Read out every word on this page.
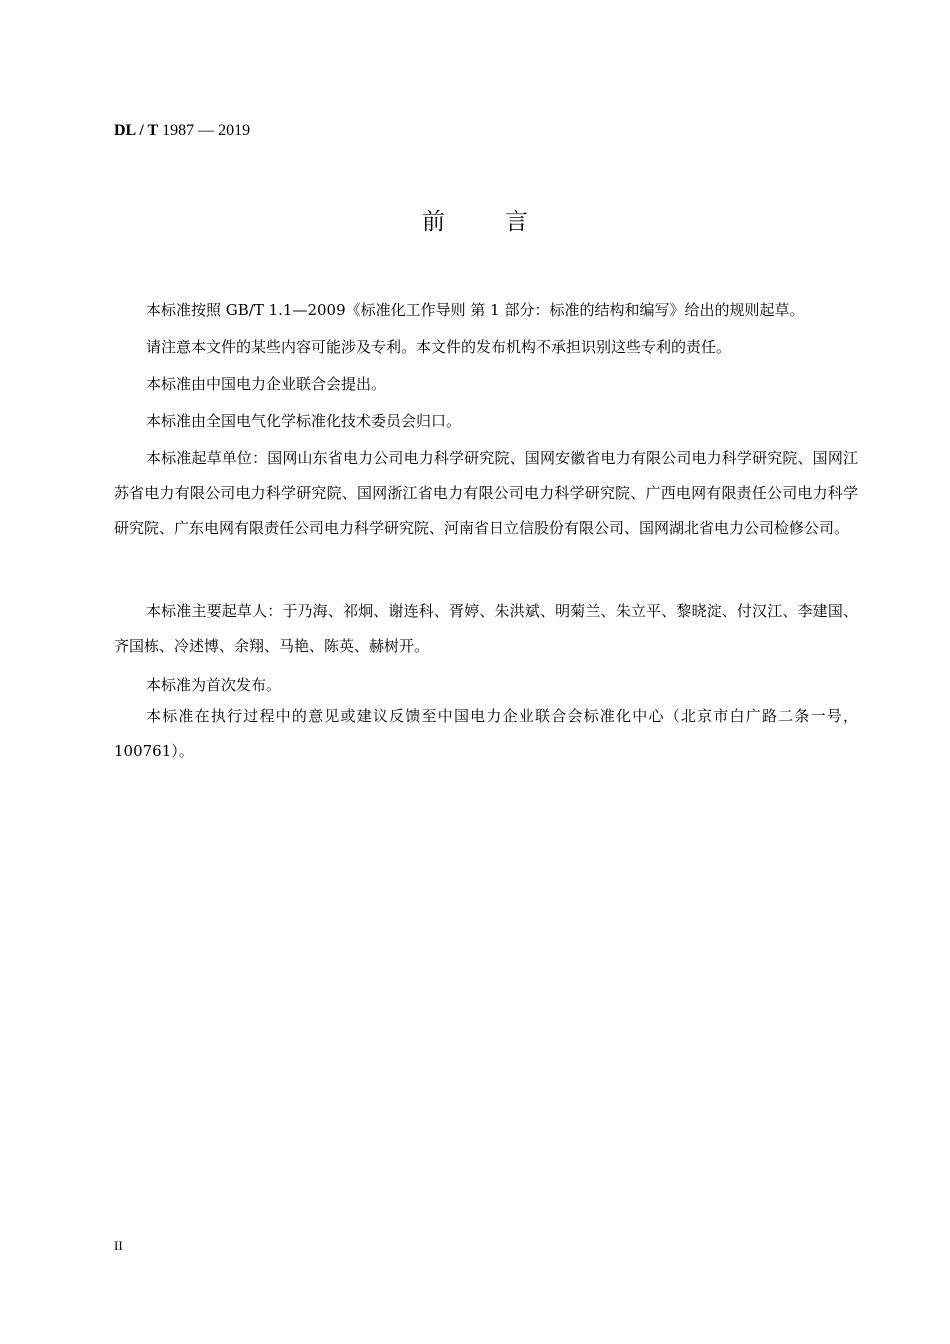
DL / T 1987 — 2019
前	言

本标准按照 GB/T 1.1—2009《标准化工作导则 第 1 部分：标准的结构和编写》给出的规则起草。

请注意本文件的某些内容可能涉及专利。本文件的发布机构不承担识别这些专利的责任。

本标准由中国电力企业联合会提出。

本标准由全国电气化学标准化技术委员会归口。

本标准起草单位：国网山东省电力公司电力科学研究院、国网安徽省电力有限公司电力科学研究院、国网江苏省电力有限公司电力科学研究院、国网浙江省电力有限公司电力科学研究院、广西电网有限责任公司电力科学研究院、广东电网有限责任公司电力科学研究院、河南省日立信股份有限公司、国网湖北省电力公司检修公司。

本标准主要起草人：于乃海、祁炯、谢连科、胥婷、朱洪斌、明菊兰、朱立平、黎晓淀、付汉江、李建国、齐国栋、冷述博、余翔、马艳、陈英、赫树开。

本标准为首次发布。

本标准在执行过程中的意见或建议反馈至中国电力企业联合会标准化中心（北京市白广路二条一号，100761）。

II
